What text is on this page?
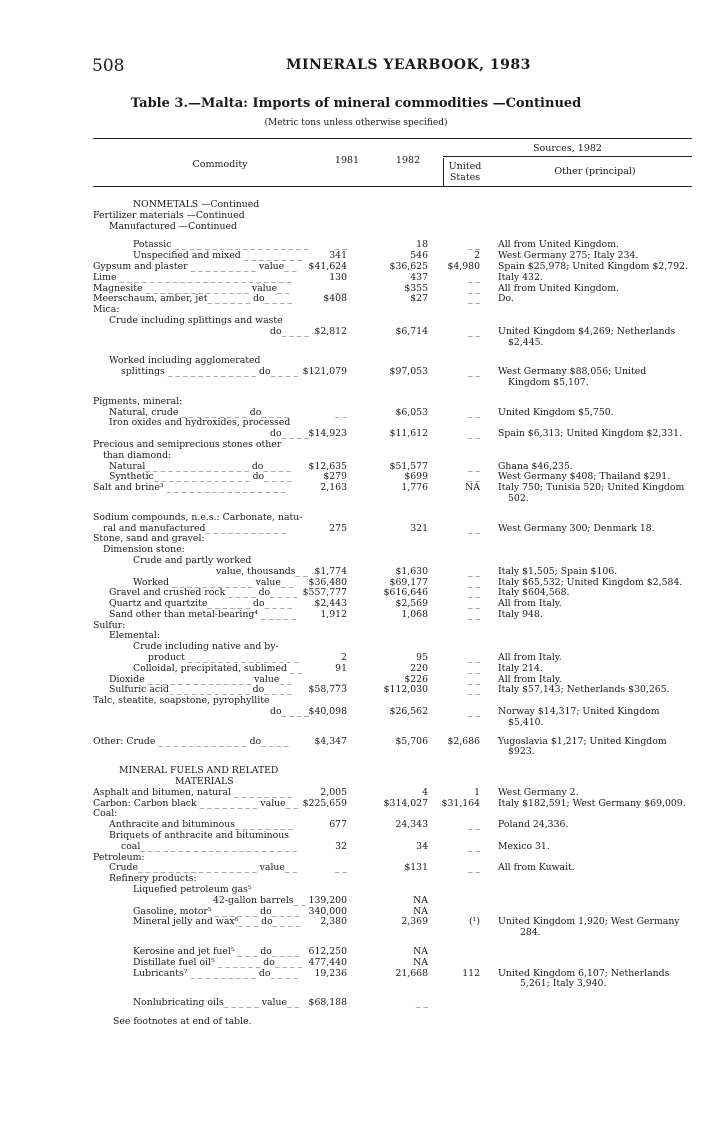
508	MINERALS YEARBOOK, 1983
Table 3.—Malta: Imports of mineral commodities —Continued
(Metric tons unless otherwise specified)
Sources, 1982
Commodity	1981	1982
United
States
Other (principal)
NONMETALS —Continued
Fertilizer materials —Continued
Manufactured —Continued
Potassic _ _ _ _ _ _ _ _ _ _ _ _ _ _ _ _ _ _	_ _	18	_ _ All from United Kingdom.
Unspecified and mixed _ _ _ _ _ _ _ _	341	546	2 West Germany 275; Italy 234.
Gypsum and plaster _ _ _ _ _ _ _ _ _ value_ _ $41,624	$36,625 $4,980 Spain $25,978; United Kingdom $2,792.
Lime _ _ _ _ _ _ _ _ _ _ _ _ _ _ _ _ _ _ _ _ _ _ _	130	437	_ _ Italy 432.
Magnesite _ _ _ _ _ _ _ _ _ _ _ _ _ _ value_ _	_ _	$355	_ _ All from United Kingdom.
Meerschaum, amber, jet_ _ _ _ _ _ do_ _ _ _	$408	$27	_ _ Do.
Mica:
Crude including splittings and waste
do_ _ _ _ $2,812	$6,714	_ _ United Kingdom $4,269; Netherlands
$2,445.
Worked including agglomerated
splittings _ _ _ _ _ _ _ _ _ _ _ _ do_ _ _ _ $121,079	$97,053	_ _ West Germany $88,056; United
Kingdom $5,107.
Pigments, mineral:
Natural, crude _ _ _ _ _ _ _ _ _ do_ _ _ _	_ _	$6,053	_ _ United Kingdom $5,750.
Iron oxides and hydroxides, processed
do_ _ _ _ $14,923	$11,612	_ _ Spain $6,313; United Kingdom $2,331.
Precious and semiprecious stones other
than diamond:
Natural_ _ _ _ _ _ _ _ _ _ _ _ _ _ do_ _ _ _ $12,635	$51,577	_ _ Ghana $46,235.
Synthetic_ _ _ _ _ _ _ _ _ _ _ _ _ do_ _ _ _	$279	$699	_ _ West Germany $408; Thailand $291.
Salt and brine³ _ _ _ _ _ _ _ _ _ _ _ _ _ _ _ _	2,163	1,776	NA Italy 750; Tunisia 520; United Kingdom
502.
Sodium compounds, n.e.s.: Carbonate, natu-
ral and manufactured_ _ _ _ _ _ _ _ _ _ _	275	321	_ _ West Germany 300; Denmark 18.
Stone, sand and gravel:
Dimension stone:
Crude and partly worked
value, thousands_ _ $1,774	$1,630	_ _ Italy $1,505; Spain $106.
Worked _ _ _ _ _ _ _ _ _ _ _ value_ _ $36,480	$69,177	_ _ Italy $65,532; United Kingdom $2,584.
Gravel and crushed rock _ _ _ _ do_ _ _ _ $557,777	$616,646	_ _ Italy $604,568.
Quartz and quartzite_ _ _ _ _ _ do_ _ _ _ $2,443	$2,569	_ _ All from Italy.
Sand other than metal-bearing⁴ _ _ _ _ _	1,912	1,068	_ _ Italy 948.
Sulfur:
Elemental:
Crude including native and by-
product _ _ _ _ _ _ _ _ _ _ _ _ _ _ _	2	95	_ _ All from Italy.
Colloidal, precipitated, sublimed _ _	91	220	_ _ Italy 214.
Dioxide _ _ _ _ _ _ _ _ _ _ _ _ _ _ value_ _	_ _	$226	_ _ All from Italy.
Sulfuric acid_ _ _ _ _ _ _ _ _ _ _ do_ _ _ _ $58,773	$112,030	_ _ Italy $57,143; Netherlands $30,265.
Talc, steatite, soapstone, pyrophyllite
do_ _ _ _ $40,098	$26,562	_ _ Norway $14,317; United Kingdom
$5,410.
Other: Crude _ _ _ _ _ _ _ _ _ _ _ _ do_ _ _ _	$4,347	$5,706 $2,686 Yugoslavia $1,217; United Kingdom
$923.
MINERAL FUELS AND RELATED
MATERIALS
Asphalt and bitumen, natural _ _ _ _ _ _ _ _	2,005	4	1 West Germany 2.
Carbon: Carbon black _ _ _ _ _ _ _ _ value_ _ $225,659	$314,027 $31,164 Italy $182,591; West Germany $69,009.
Coal:
Anthracite and bituminous_ _ _ _ _ _ _ _	677	24,343	_ _ Poland 24,336.
Briquets of anthracite and bituminous
coal_ _ _ _ _ _ _ _ _ _ _ _ _ _ _ _ _ _ _ _ _	32	34	_ _ Mexico 31.
Petroleum:
Crude_ _ _ _ _ _ _ _ _ _ _ _ _ _ _ _ value_ _	_ _	$131	_ _ All from Kuwait.
Refinery products:
Liquefied petroleum gas⁵
42-gallon barrels_ _ 139,200	NA
Gasoline, motor⁵ _ _ _ _ _ _ do_ _ _ _ 340,000	NA
Mineral jelly and wax⁶_ _ _ do_ _ _ _ 2,380	2,369	(¹) United Kingdom 1,920; West Germany
284.
Kerosine and jet fuel⁵ _ _ _ do_ _ _ _ 612,250	NA
Distillate fuel oil⁵ _ _ _ _ _ _ do_ _ _ _ 477,440	NA
Lubricants⁷ _ _ _ _ _ _ _ _ _ do_ _ _ _ 19,236	21,668	112 United Kingdom 6,107; Netherlands
5,261; Italy 3,940.
Nonlubricating oils_ _ _ _ _ value_ _ $68,188	_ _
See footnotes at end of table.
